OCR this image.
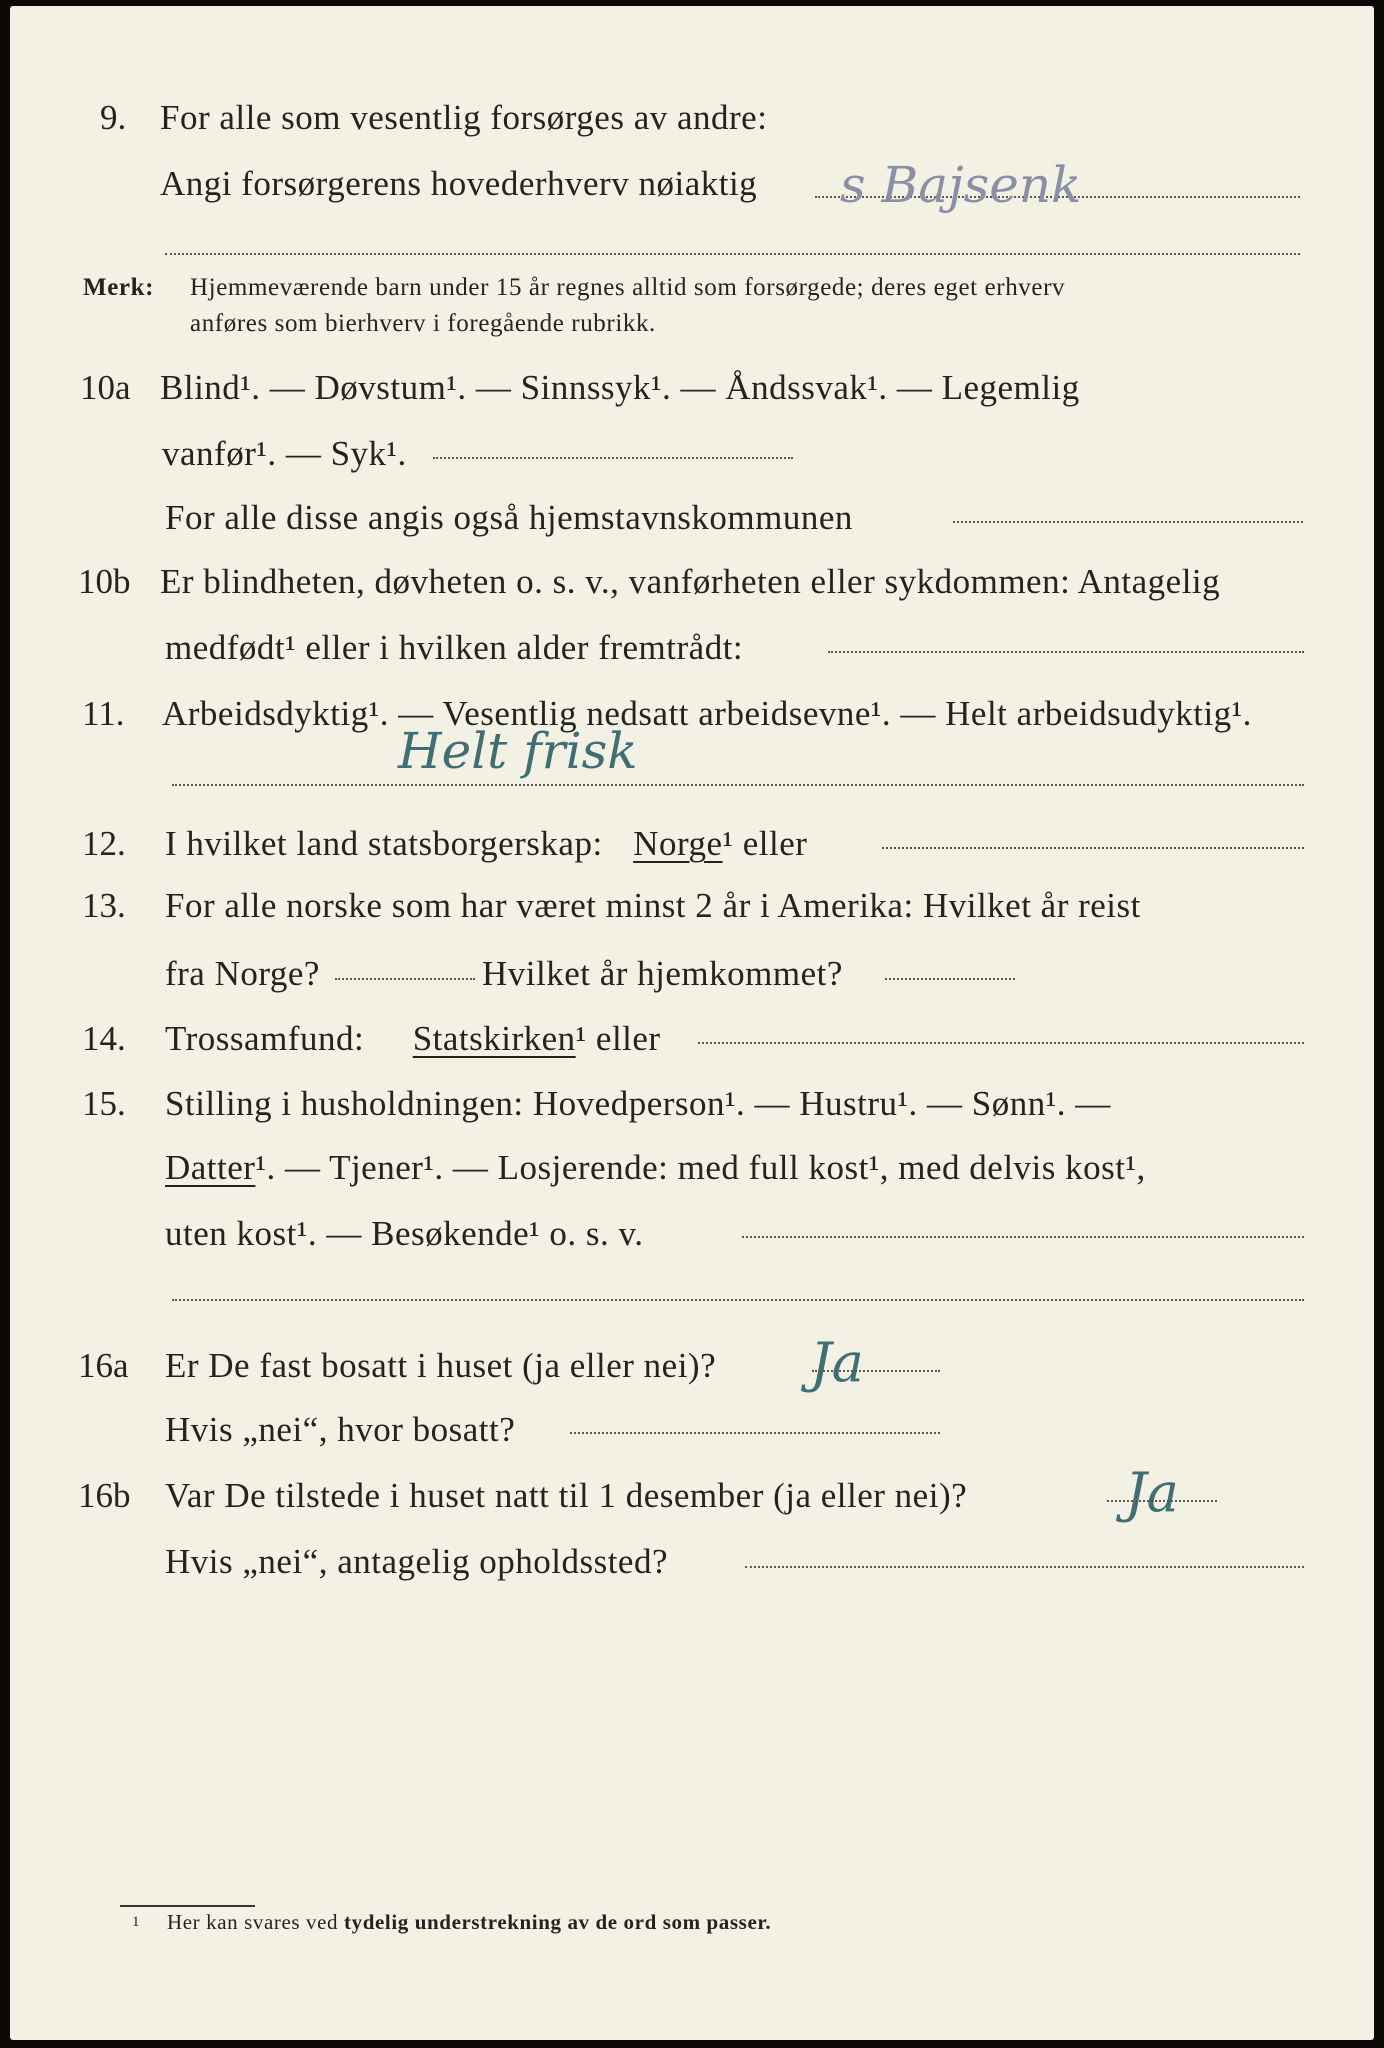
9. For alle som vesentlig forsørges av andre:
Angi forsørgerens hovederhverv nøiaktig s Bajsenk
Merk: Hjemmeværende barn under 15 år regnes alltid som forsørgede; deres eget erhverv
anføres som bierhverv i foregående rubrikk.
10a Blind¹. — Døvstum¹. — Sinnssyk¹. — Åndssvak¹. — Legemlig
vanfør¹. — Syk¹.
For alle disse angis også hjemstavnskommunen
10b Er blindheten, døvheten o. s. v., vanførheten eller sykdommen: Antagelig
medfødt¹ eller i hvilken alder fremtrådt:
11. Arbeidsdyktig¹. — Vesentlig nedsatt arbeidsevne¹. — Helt arbeidsudyktig¹.
Helt frisk
12. I hvilket land statsborgerskap: Norge¹ eller
13. For alle norske som har været minst 2 år i Amerika: Hvilket år reist
fra Norge?	Hvilket år hjemkommet?
14. Trossamfund: Statskirken¹ eller
15. Stilling i husholdningen: Hovedperson¹. — Hustru¹. — Sønn¹. —
Datter¹. — Tjener¹. — Losjerende: med full kost¹, med delvis kost¹,
uten kost¹. — Besøkende¹ o. s. v.
16a Er De fast bosatt i huset (ja eller nei)? Ja
Hvis „nei“, hvor bosatt?
16b Var De tilstede i huset natt til 1 desember (ja eller nei)?	Ja
Hvis „nei“, antagelig opholdssted?
1 Her kan svares ved tydelig understrekning av de ord som passer.
